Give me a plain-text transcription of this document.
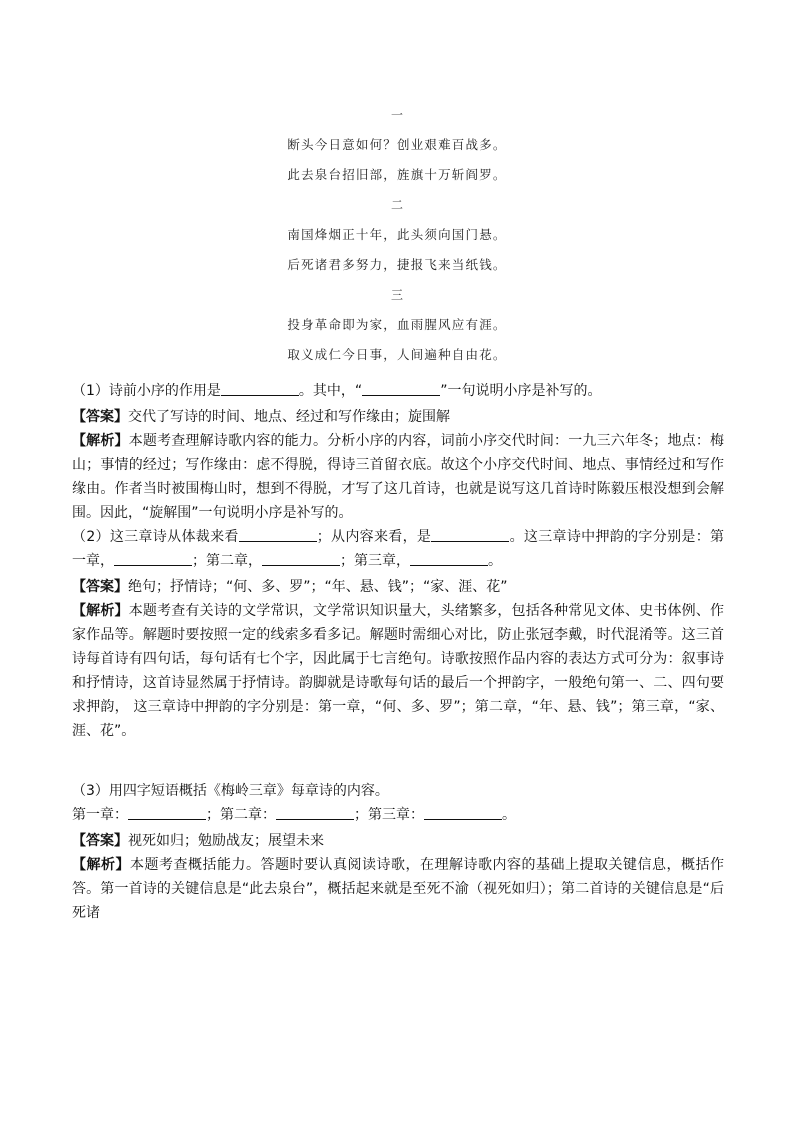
一
断头今日意如何？创业艰难百战多。
此去泉台招旧部，旌旗十万斩阎罗。
二
南国烽烟正十年，此头须向国门悬。
后死诸君多努力，捷报飞来当纸钱。
三
投身革命即为家，血雨腥风应有涯。
取义成仁今日事，人间遍种自由花。

（1）诗前小序的作用是	。其中，“	”一句说明小序是补写的。

【答案】交代了写诗的时间、地点、经过和写作缘由；旋围解

【解析】本题考查理解诗歌内容的能力。分析小序的内容，词前小序交代时间：一九三六年冬；地点：梅山；事情的经过；写作缘由：虑不得脱，得诗三首留衣底。故这个小序交代时间、地点、事情经过和写作缘由。作者当时被围梅山时，想到不得脱，才写了这几首诗，也就是说写这几首诗时陈毅压根没想到会解围。因此，“旋解围”一句说明小序是补写的。

（2）这三章诗从体裁来看	；从内容来看，是	。这三章诗中押韵的字分别是：第一章，	；第二章，	；第三章，	。

【答案】绝句；抒情诗；“何、多、罗”；“年、悬、钱”；“家、涯、花”

【解析】本题考查有关诗的文学常识，文学常识知识量大，头绪繁多，包括各种常见文体、史书体例、作家作品等。解题时要按照一定的线索多看多记。解题时需细心对比，防止张冠李戴，时代混淆等。这三首诗每首诗有四句话，每句话有七个字，因此属于七言绝句。诗歌按照作品内容的表达方式可分为：叙事诗和抒情诗，这首诗显然属于抒情诗。韵脚就是诗歌每句话的最后一个押韵字，一般绝句第一、二、四句要求押韵， 这三章诗中押韵的字分别是：第一章，“何、多、罗”；第二章，“年、悬、钱”；第三章，“家、涯、花”。

（3）用四字短语概括《梅岭三章》每章诗的内容。

第一章：	；第二章：	；第三章：	。

【答案】视死如归；勉励战友；展望未来

【解析】本题考查概括能力。答题时要认真阅读诗歌，在理解诗歌内容的基础上提取关键信息，概括作答。第一首诗的关键信息是“此去泉台”，概括起来就是至死不渝（视死如归）；第二首诗的关键信息是“后死诸
